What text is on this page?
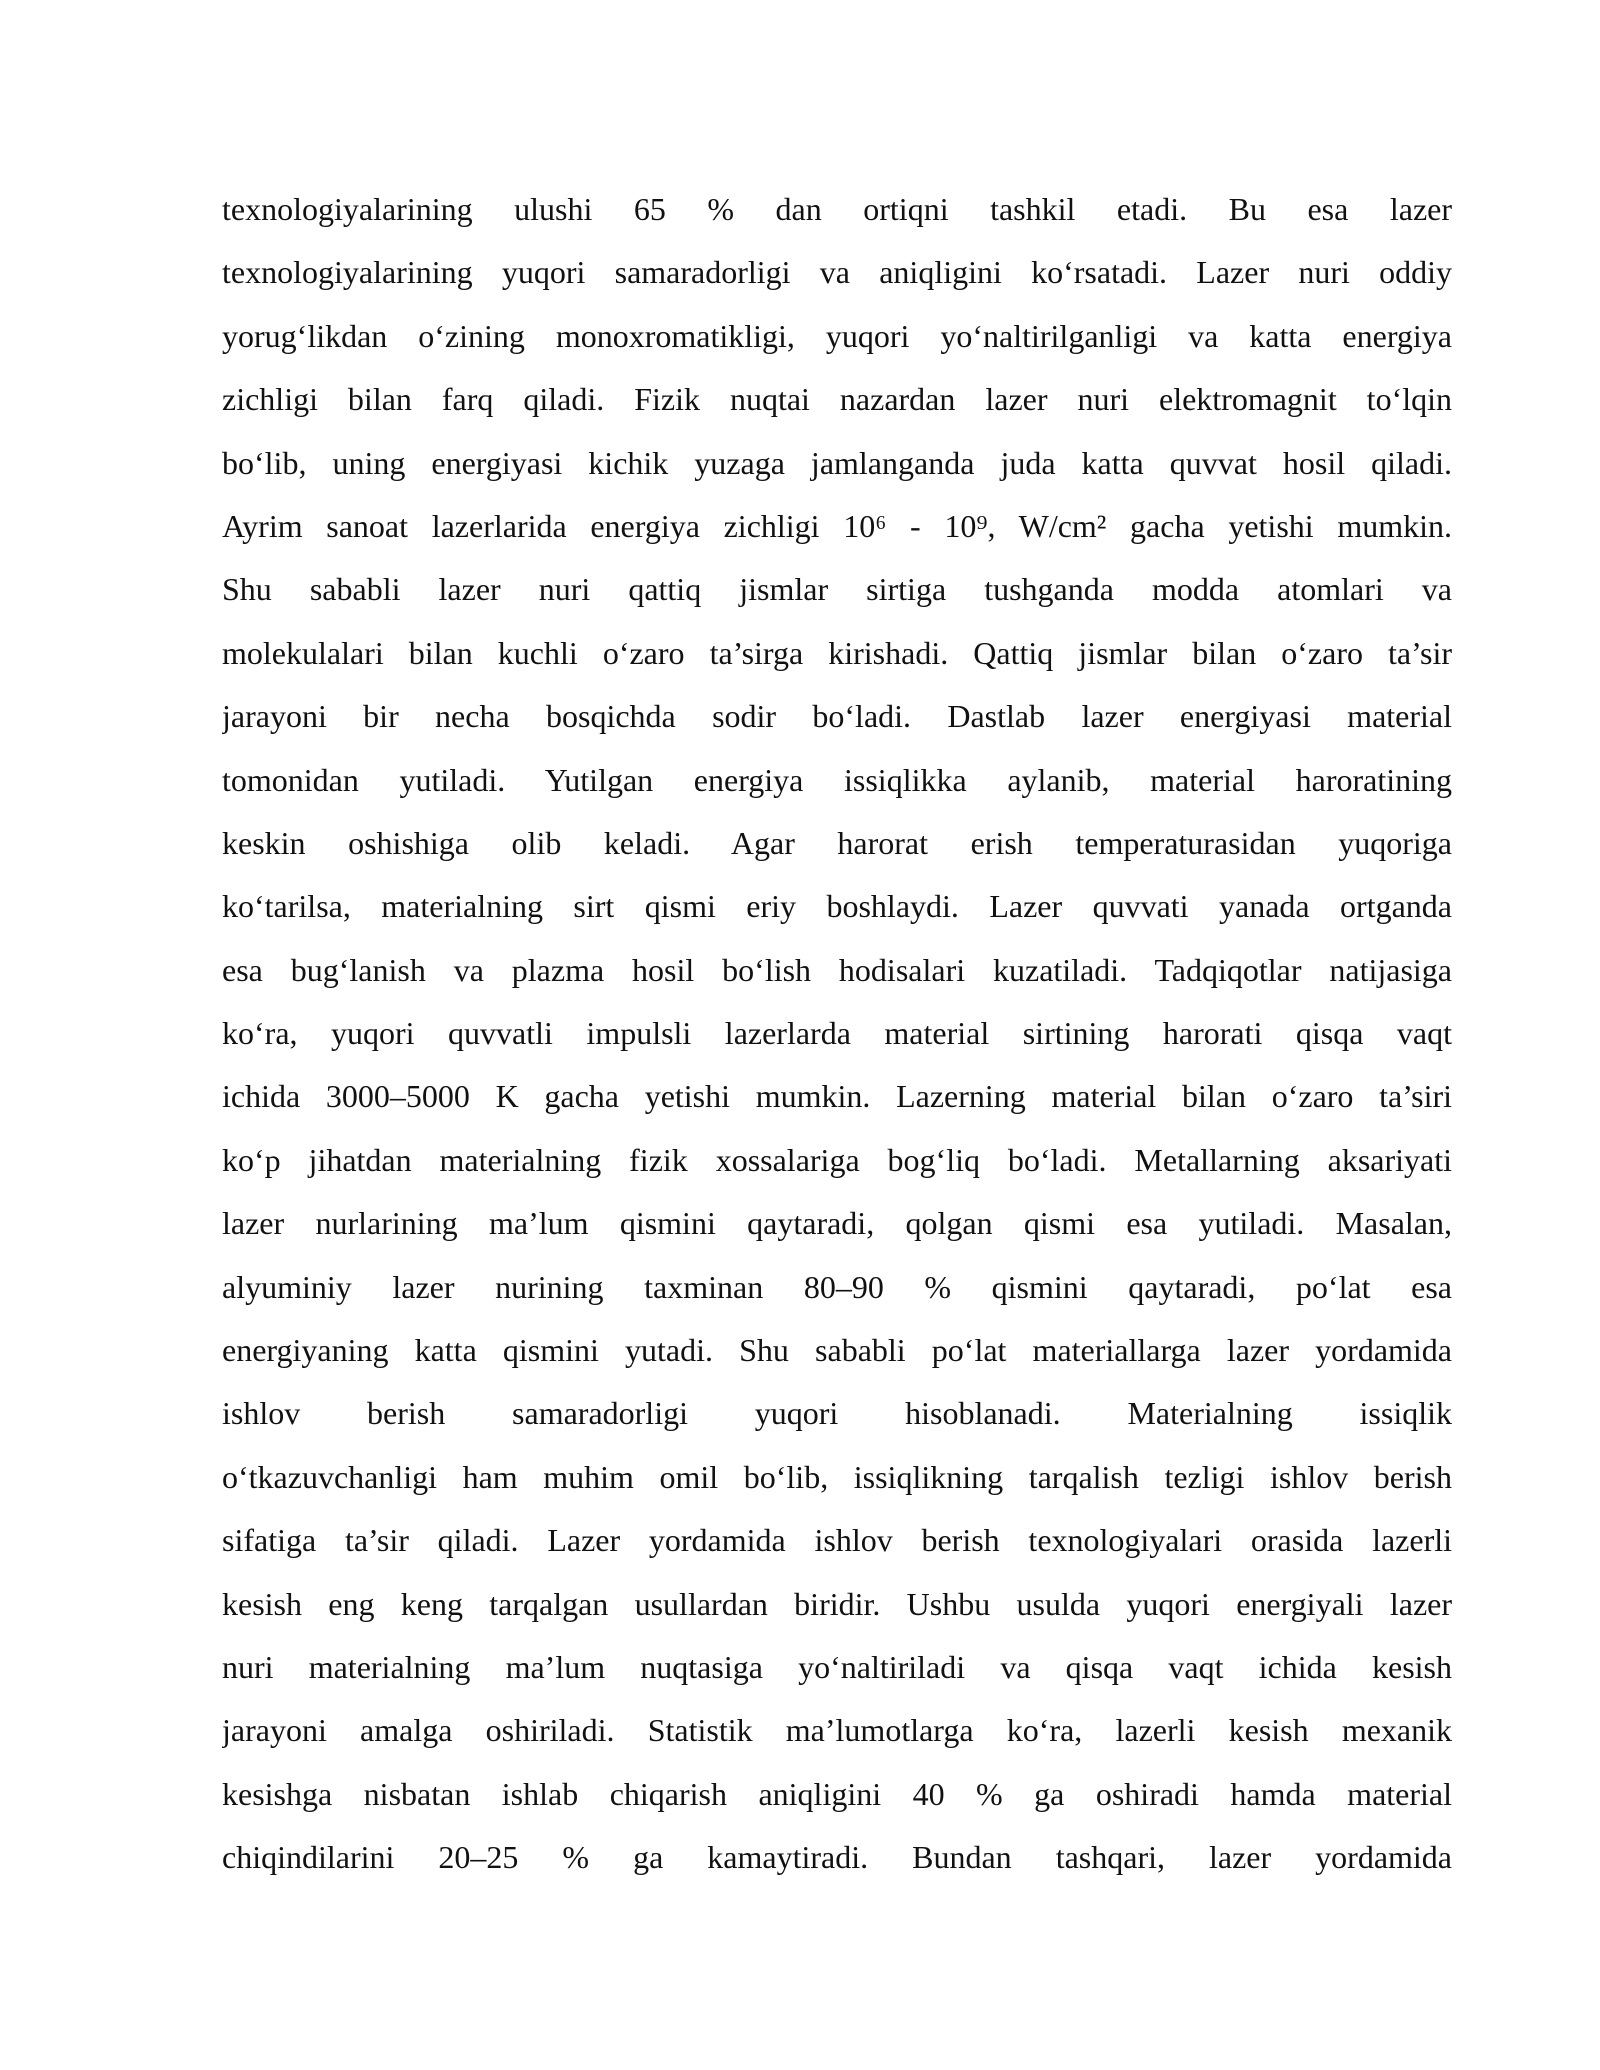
texnologiyalarining ulushi 65 % dan ortiqni tashkil etadi. Bu esa lazer
texnologiyalarining yuqori samaradorligi va aniqligini ko‘rsatadi. Lazer nuri oddiy
yorug‘likdan o‘zining monoxromatikligi, yuqori yo‘naltirilganligi va katta energiya
zichligi bilan farq qiladi. Fizik nuqtai nazardan lazer nuri elektromagnit to‘lqin
bo‘lib, uning energiyasi kichik yuzaga jamlanganda juda katta quvvat hosil qiladi.
Ayrim sanoat lazerlarida energiya zichligi 10⁶ - 10⁹, W/cm² gacha yetishi mumkin.
Shu sababli lazer nuri qattiq jismlar sirtiga tushganda modda atomlari va
molekulalari bilan kuchli o‘zaro ta’sirga kirishadi. Qattiq jismlar bilan o‘zaro ta’sir
jarayoni bir necha bosqichda sodir bo‘ladi. Dastlab lazer energiyasi material
tomonidan yutiladi. Yutilgan energiya issiqlikka aylanib, material haroratining
keskin oshishiga olib keladi. Agar harorat erish temperaturasidan yuqoriga
ko‘tarilsa, materialning sirt qismi eriy boshlaydi. Lazer quvvati yanada ortganda
esa bug‘lanish va plazma hosil bo‘lish hodisalari kuzatiladi. Tadqiqotlar natijasiga
ko‘ra, yuqori quvvatli impulsli lazerlarda material sirtining harorati qisqa vaqt
ichida 3000–5000 K gacha yetishi mumkin. Lazerning material bilan o‘zaro ta’siri
ko‘p jihatdan materialning fizik xossalariga bog‘liq bo‘ladi. Metallarning aksariyati
lazer nurlarining ma’lum qismini qaytaradi, qolgan qismi esa yutiladi. Masalan,
alyuminiy lazer nurining taxminan 80–90 % qismini qaytaradi, po‘lat esa
energiyaning katta qismini yutadi. Shu sababli po‘lat materiallarga lazer yordamida
ishlov berish samaradorligi yuqori hisoblanadi. Materialning issiqlik
o‘tkazuvchanligi ham muhim omil bo‘lib, issiqlikning tarqalish tezligi ishlov berish
sifatiga ta’sir qiladi. Lazer yordamida ishlov berish texnologiyalari orasida lazerli
kesish eng keng tarqalgan usullardan biridir. Ushbu usulda yuqori energiyali lazer
nuri materialning ma’lum nuqtasiga yo‘naltiriladi va qisqa vaqt ichida kesish
jarayoni amalga oshiriladi. Statistik ma’lumotlarga ko‘ra, lazerli kesish mexanik
kesishga nisbatan ishlab chiqarish aniqligini 40 % ga oshiradi hamda material
chiqindilarini 20–25 % ga kamaytiradi. Bundan tashqari, lazer yordamida
